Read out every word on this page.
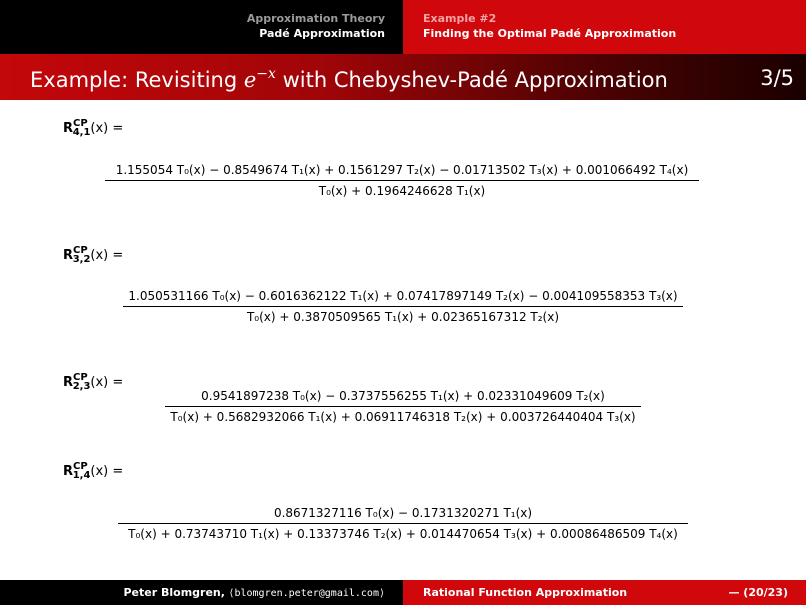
Approximation Theory
Padé Approximation
Example #2
Finding the Optimal Padé Approximation
Example: Revisiting $e^{-x}$ with Chebyshev-Padé Approximation	3/5
$R^{CP}_{4,1}(x)$ =
1.155054 T₀(x) − 0.8549674 T₁(x) + 0.1561297 T₂(x) − 0.01713502 T₃(x) + 0.001066492 T₄(x)
T₀(x) + 0.1964246628 T₁(x)
$R^{CP}_{3,2}(x)$ =
1.050531166 T₀(x) − 0.6016362122 T₁(x) + 0.07417897149 T₂(x) − 0.004109558353 T₃(x)
T₀(x) + 0.3870509565 T₁(x) + 0.02365167312 T₂(x)
$R^{CP}_{2,3}(x)$ =
0.9541897238 T₀(x) − 0.3737556255 T₁(x) + 0.02331049609 T₂(x)
T₀(x) + 0.5682932066 T₁(x) + 0.06911746318 T₂(x) + 0.003726440404 T₃(x)
$R^{CP}_{1,4}(x)$ =
0.8671327116 T₀(x) − 0.1731320271 T₁(x)
T₀(x) + 0.73743710 T₁(x) + 0.13373746 T₂(x) + 0.014470654 T₃(x) + 0.00086486509 T₄(x)
Peter Blomgren, ⟨blomgren.peter@gmail.com⟩	Rational Function Approximation	— (20/23)
